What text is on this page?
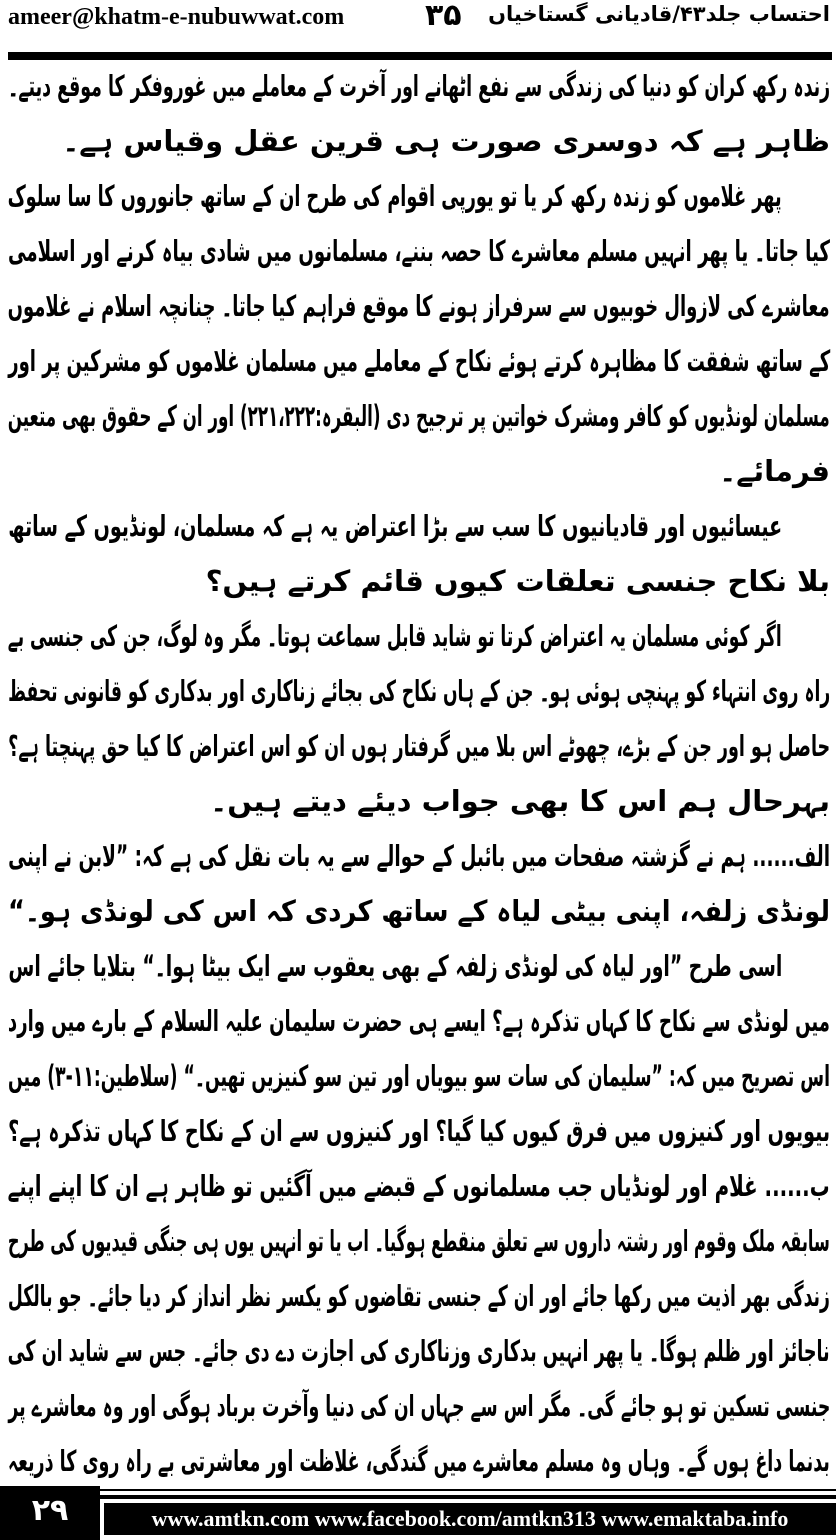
ameer@khatm-e-nubuwwat.com	۳۵ احتساب جلد۴۳/قادیانی گستاخیاں
زندہ رکھ کران کو دنیا کی زندگی سے نفع اٹھانے اور آخرت کے معاملے میں غوروفکر کا موقع دیتے۔
ظاہر ہے کہ دوسری صورت ہی قرین عقل وقیاس ہے۔
پھر غلاموں کو زندہ رکھ کر یا تو یورپی اقوام کی طرح ان کے ساتھ جانوروں کا سا سلوک
کیا جاتا۔ یا پھر انہیں مسلم معاشرے کا حصہ بننے، مسلمانوں میں شادی بیاہ کرنے اور اسلامی
معاشرے کی لازوال خوبیوں سے سرفراز ہونے کا موقع فراہم کیا جاتا۔ چنانچہ اسلام نے غلاموں
کے ساتھ شفقت کا مظاہرہ کرتے ہوئے نکاح کے معاملے میں مسلمان غلاموں کو مشرکین پر اور
مسلمان لونڈیوں کو کافر ومشرک خواتین پر ترجیح دی (البقرہ:۲۲۱،۲۲۲) اور ان کے حقوق بھی متعین
فرمائے۔
عیسائیوں اور قادیانیوں کا سب سے بڑا اعتراض یہ ہے کہ مسلمان، لونڈیوں کے ساتھ
بلا نکاح جنسی تعلقات کیوں قائم کرتے ہیں؟
اگر کوئی مسلمان یہ اعتراض کرتا تو شاید قابل سماعت ہوتا۔ مگر وہ لوگ، جن کی جنسی بے
راہ روی انتہاء کو پہنچی ہوئی ہو۔ جن کے ہاں نکاح کی بجائے زناکاری اور بدکاری کو قانونی تحفظ
حاصل ہو اور جن کے بڑے، چھوٹے اس بلا میں گرفتار ہوں ان کو اس اعتراض کا کیا حق پہنچتا ہے؟
بہرحال ہم اس کا بھی جواب دیئے دیتے ہیں۔
الف...... ہم نے گزشتہ صفحات میں بائبل کے حوالے سے یہ بات نقل کی ہے کہ: ”لابن نے اپنی
لونڈی زلفہ، اپنی بیٹی لیاہ کے ساتھ کردی کہ اس کی لونڈی ہو۔“
اسی طرح ”اور لیاہ کی لونڈی زلفہ کے بھی یعقوب سے ایک بیٹا ہوا۔“ بتلایا جائے اس
میں لونڈی سے نکاح کا کہاں تذکرہ ہے؟ ایسے ہی حضرت سلیمان علیہ السلام کے بارے میں وارد
اس تصریح میں کہ: ”سلیمان کی سات سو بیویاں اور تین سو کنیزیں تھیں۔“ (سلاطین:۱۱-۳) میں
بیویوں اور کنیزوں میں فرق کیوں کیا گیا؟ اور کنیزوں سے ان کے نکاح کا کہاں تذکرہ ہے؟
ب...... غلام اور لونڈیاں جب مسلمانوں کے قبضے میں آگئیں تو ظاہر ہے ان کا اپنے اپنے
سابقہ ملک وقوم اور رشتہ داروں سے تعلق منقطع ہوگیا۔ اب یا تو انہیں یوں ہی جنگی قیدیوں کی طرح
زندگی بھر اذیت میں رکھا جائے اور ان کے جنسی تقاضوں کو یکسر نظر انداز کر دیا جائے۔ جو بالکل
ناجائز اور ظلم ہوگا۔ یا پھر انہیں بدکاری وزناکاری کی اجازت دے دی جائے۔ جس سے شاید ان کی
جنسی تسکین تو ہو جائے گی۔ مگر اس سے جہاں ان کی دنیا وآخرت برباد ہوگی اور وہ معاشرے پر
بدنما داغ ہوں گے۔ وہاں وہ مسلم معاشرے میں گندگی، غلاظت اور معاشرتی بے راہ روی کا ذریعہ
۲۹	www.amtkn.com www.facebook.com/amtkn313 www.emaktaba.info
